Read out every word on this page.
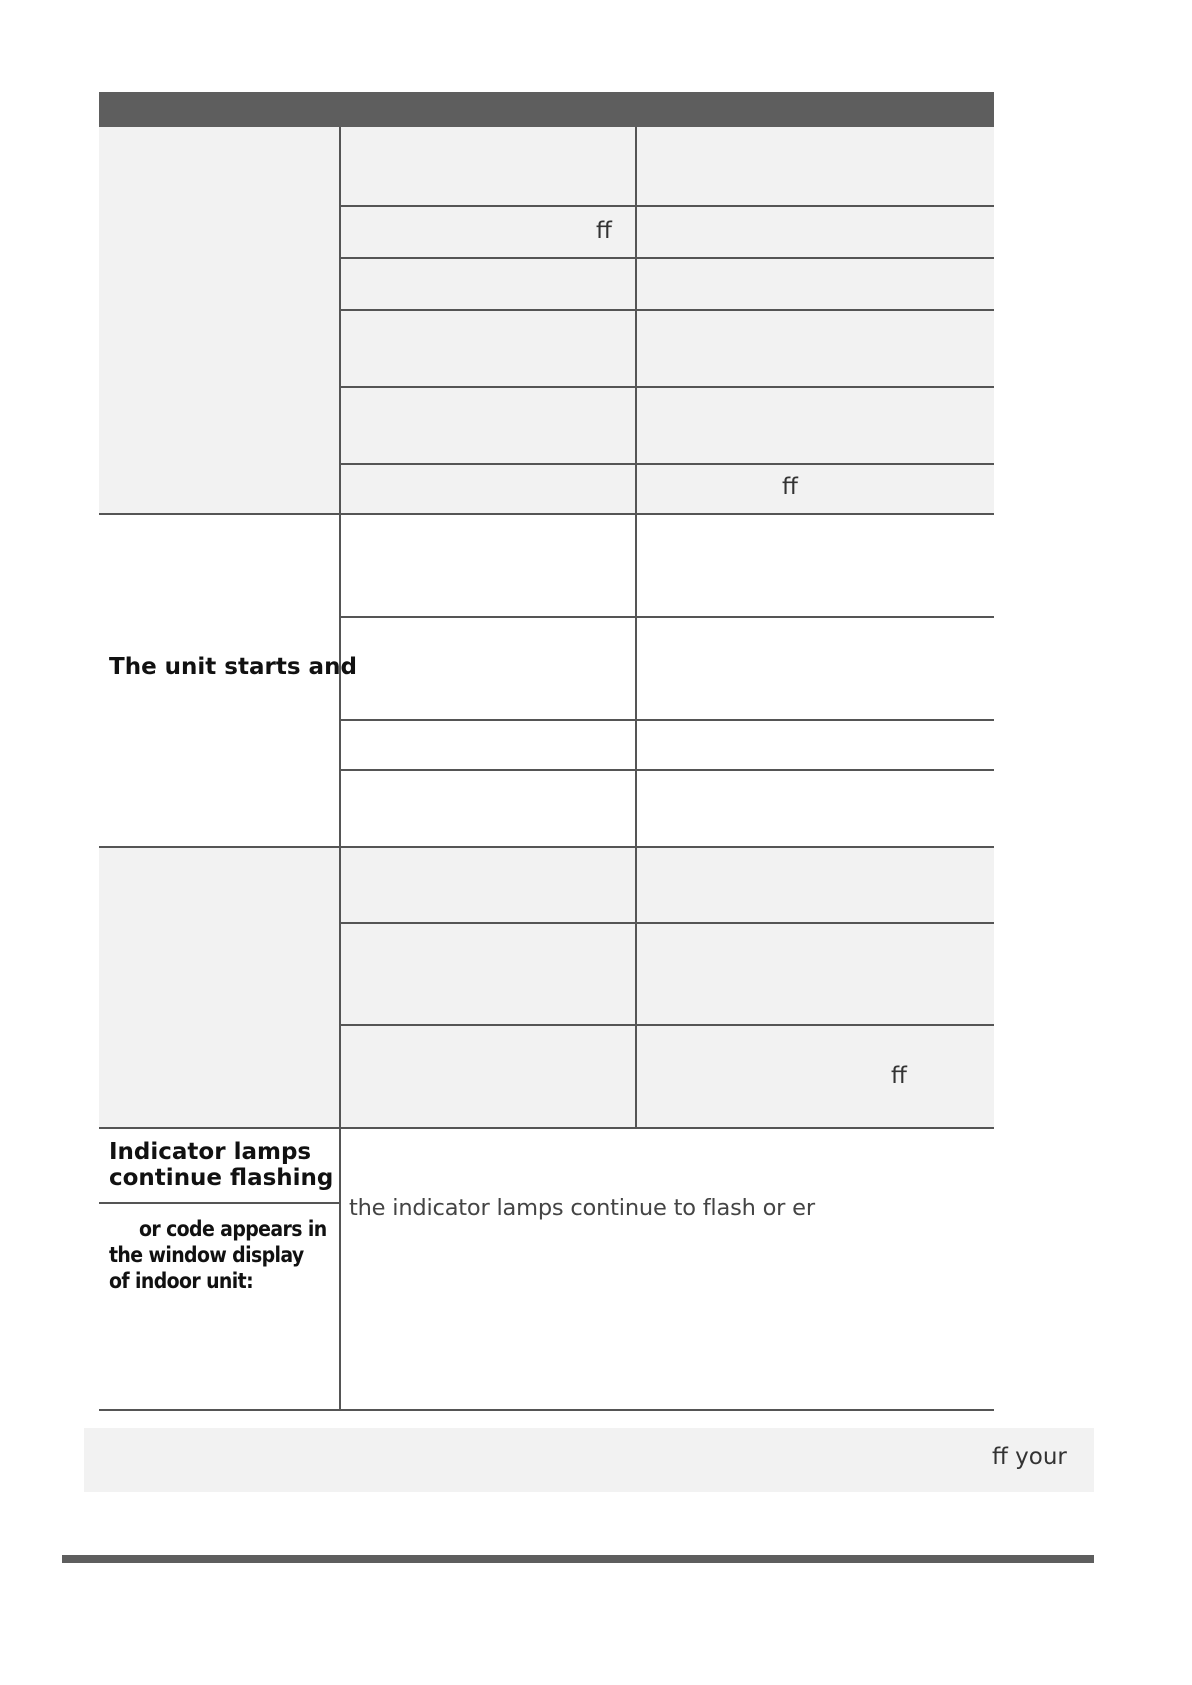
ff
ff
The unit starts and
ff
Indicator lamps
continue flashing
or code appears in
the window display
of indoor unit:
the indicator lamps continue to flash or er
ff your
